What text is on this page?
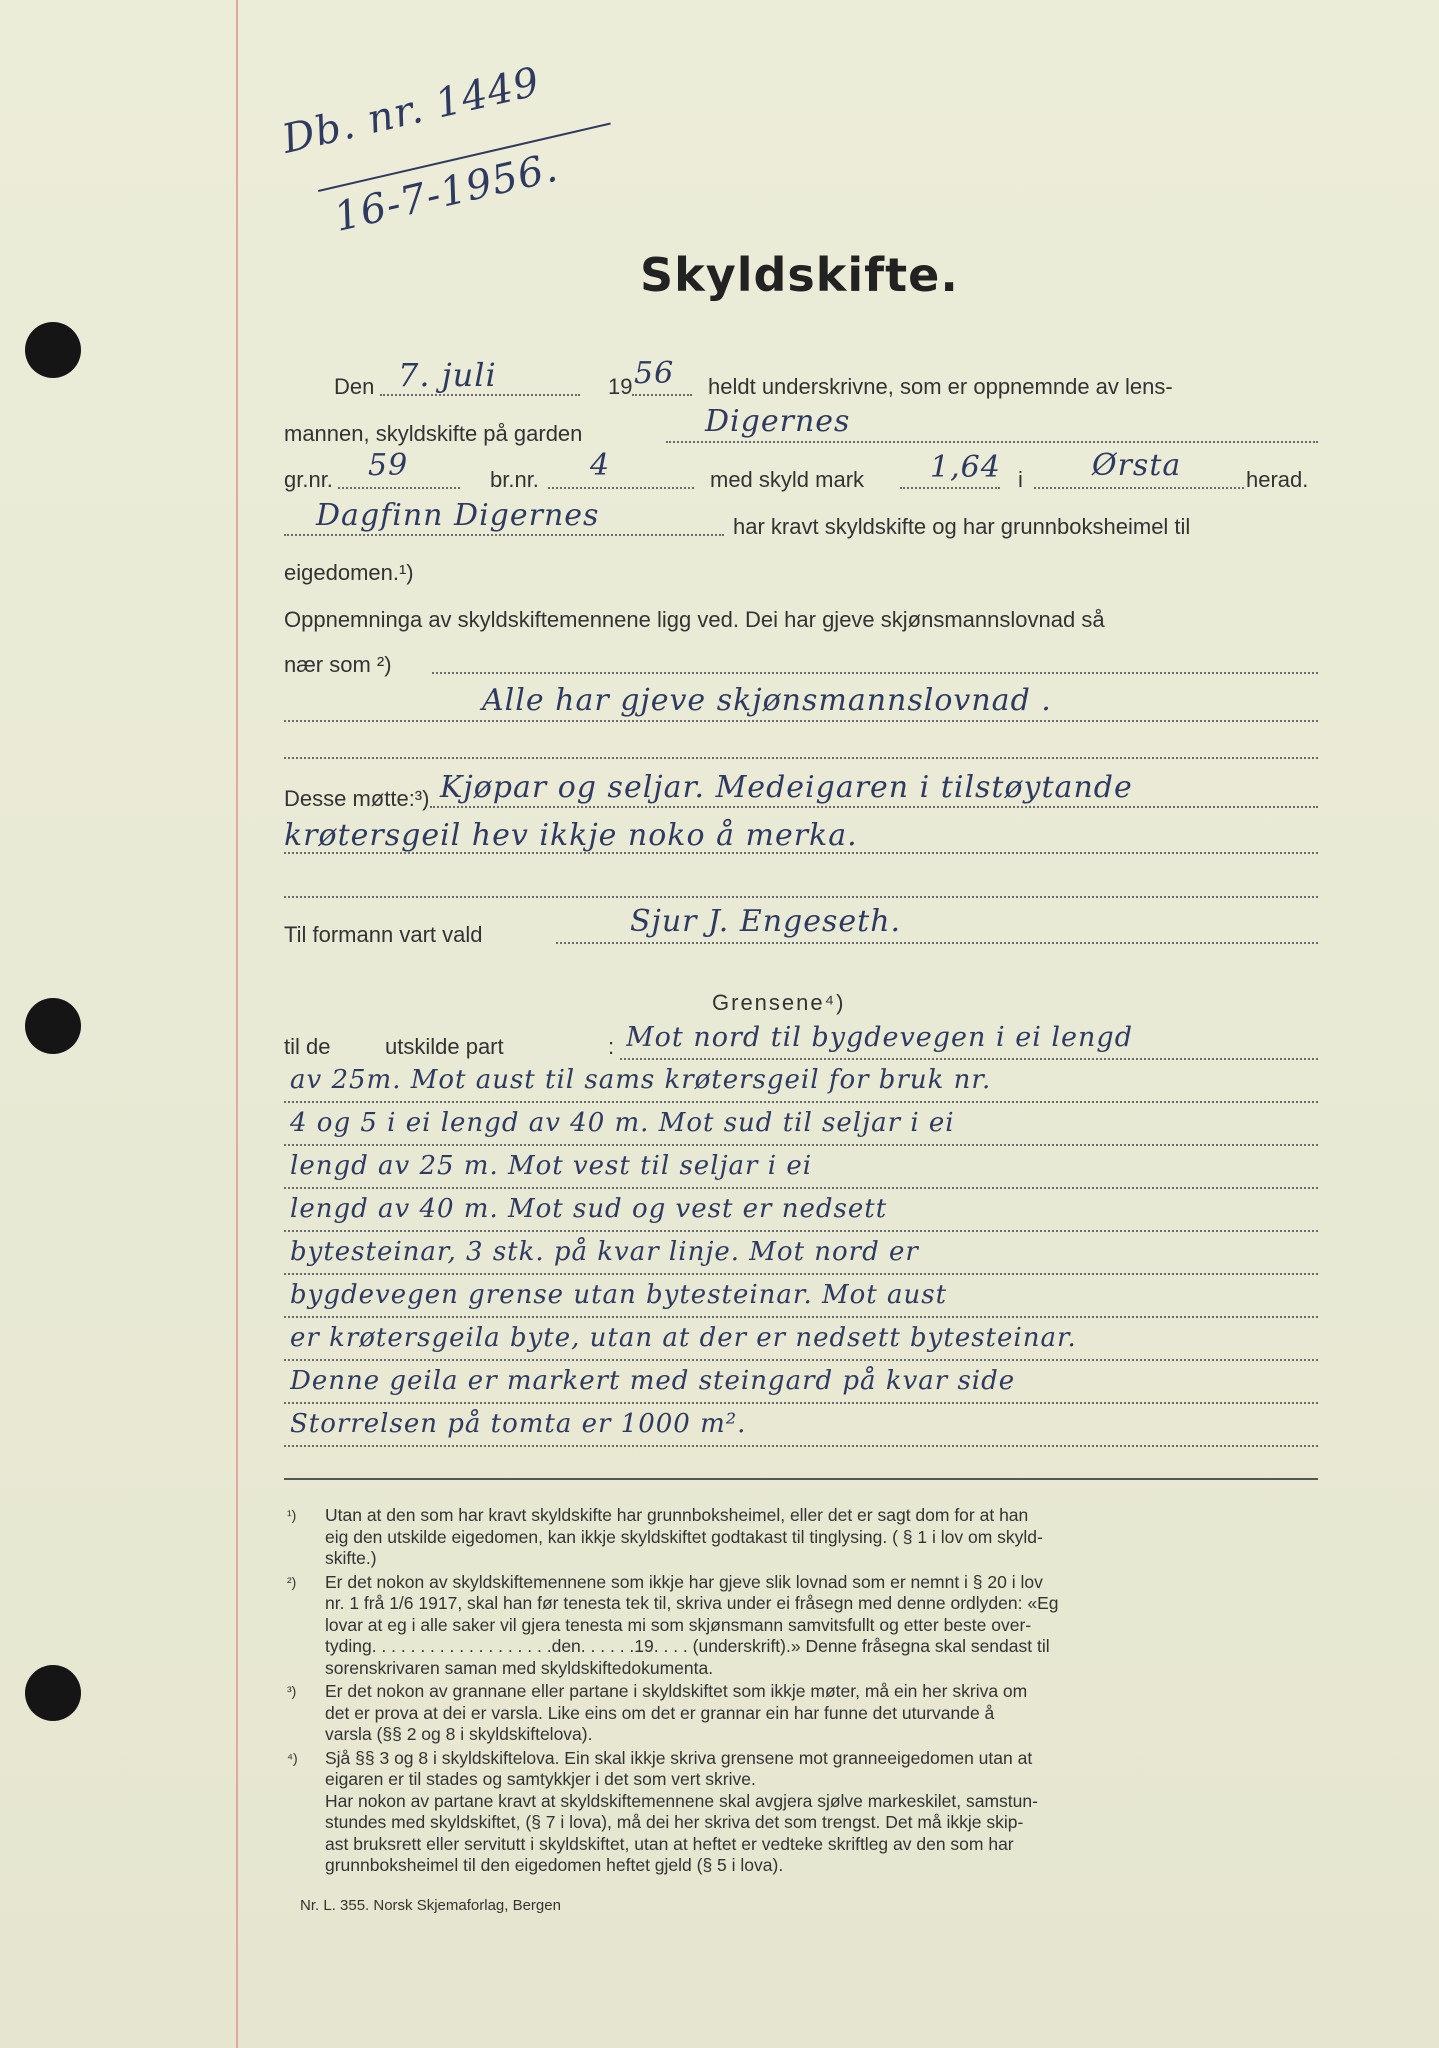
Db. nr. 1449
16-7-1956.
Skyldskifte.
Den 7. juli	19 56 heldt underskrivne, som er oppnemnde av lens-
mannen, skyldskifte på garden	Digernes
gr.nr. 59	br.nr. 4	med skyld mark 1,64 i Ørsta	herad.
Dagfinn Digernes	har kravt skyldskifte og har grunnboksheimel til
eigedomen.¹)
Oppnemninga av skyldskiftemennene ligg ved. Dei har gjeve skjønsmannslovnad så
nær som ²)
Alle har gjeve skjønsmannslovnad .
Desse møtte:³) Kjøpar og seljar. Medeigaren i tilstøytande
krøtersgeil hev ikkje noko å merka.
Til formann vart vald	Sjur J. Engeseth.
Grensene⁴)
til de utskilde part	: Mot nord til bygdevegen i ei lengd
av 25m. Mot aust til sams krøtersgeil for bruk nr.
4 og 5 i ei lengd av 40 m. Mot sud til seljar i ei
lengd av 25 m. Mot vest til seljar i ei
lengd av 40 m. Mot sud og vest er nedsett
bytesteinar, 3 stk. på kvar linje. Mot nord er
bygdevegen grense utan bytesteinar. Mot aust
er krøtersgeila byte, utan at der er nedsett bytesteinar.
Denne geila er markert med steingard på kvar side
Storrelsen på tomta er 1000 m².
¹) Utan at den som har kravt skyldskifte har grunnboksheimel, eller det er sagt dom for at han
eig den utskilde eigedomen, kan ikkje skyldskiftet godtakast til tinglysing. ( § 1 i lov om skyld-
skifte.)
²) Er det nokon av skyldskiftemennene som ikkje har gjeve slik lovnad som er nemnt i § 20 i lov
nr. 1 frå 1/6 1917, skal han før tenesta tek til, skriva under ei fråsegn med denne ordlyden: «Eg
lovar at eg i alle saker vil gjera tenesta mi som skjønsmann samvitsfullt og etter beste over-
tyding. . . . . . . . . . . . . . . . . . .den. . . . . .19. . . . (underskrift).» Denne fråsegna skal sendast til
sorenskrivaren saman med skyldskiftedokumenta.
³) Er det nokon av grannane eller partane i skyldskiftet som ikkje møter, må ein her skriva om
det er prova at dei er varsla. Like eins om det er grannar ein har funne det uturvande å
varsla (§§ 2 og 8 i skyldskiftelova).
⁴) Sjå §§ 3 og 8 i skyldskiftelova. Ein skal ikkje skriva grensene mot granneeigedomen utan at
eigaren er til stades og samtykkjer i det som vert skrive.
Har nokon av partane kravt at skyldskiftemennene skal avgjera sjølve markeskilet, samstun-
stundes med skyldskiftet, (§ 7 i lova), må dei her skriva det som trengst. Det må ikkje skip-
ast bruksrett eller servitutt i skyldskiftet, utan at heftet er vedteke skriftleg av den som har
grunnboksheimel til den eigedomen heftet gjeld (§ 5 i lova).
Nr. L. 355. Norsk Skjemaforlag, Bergen
